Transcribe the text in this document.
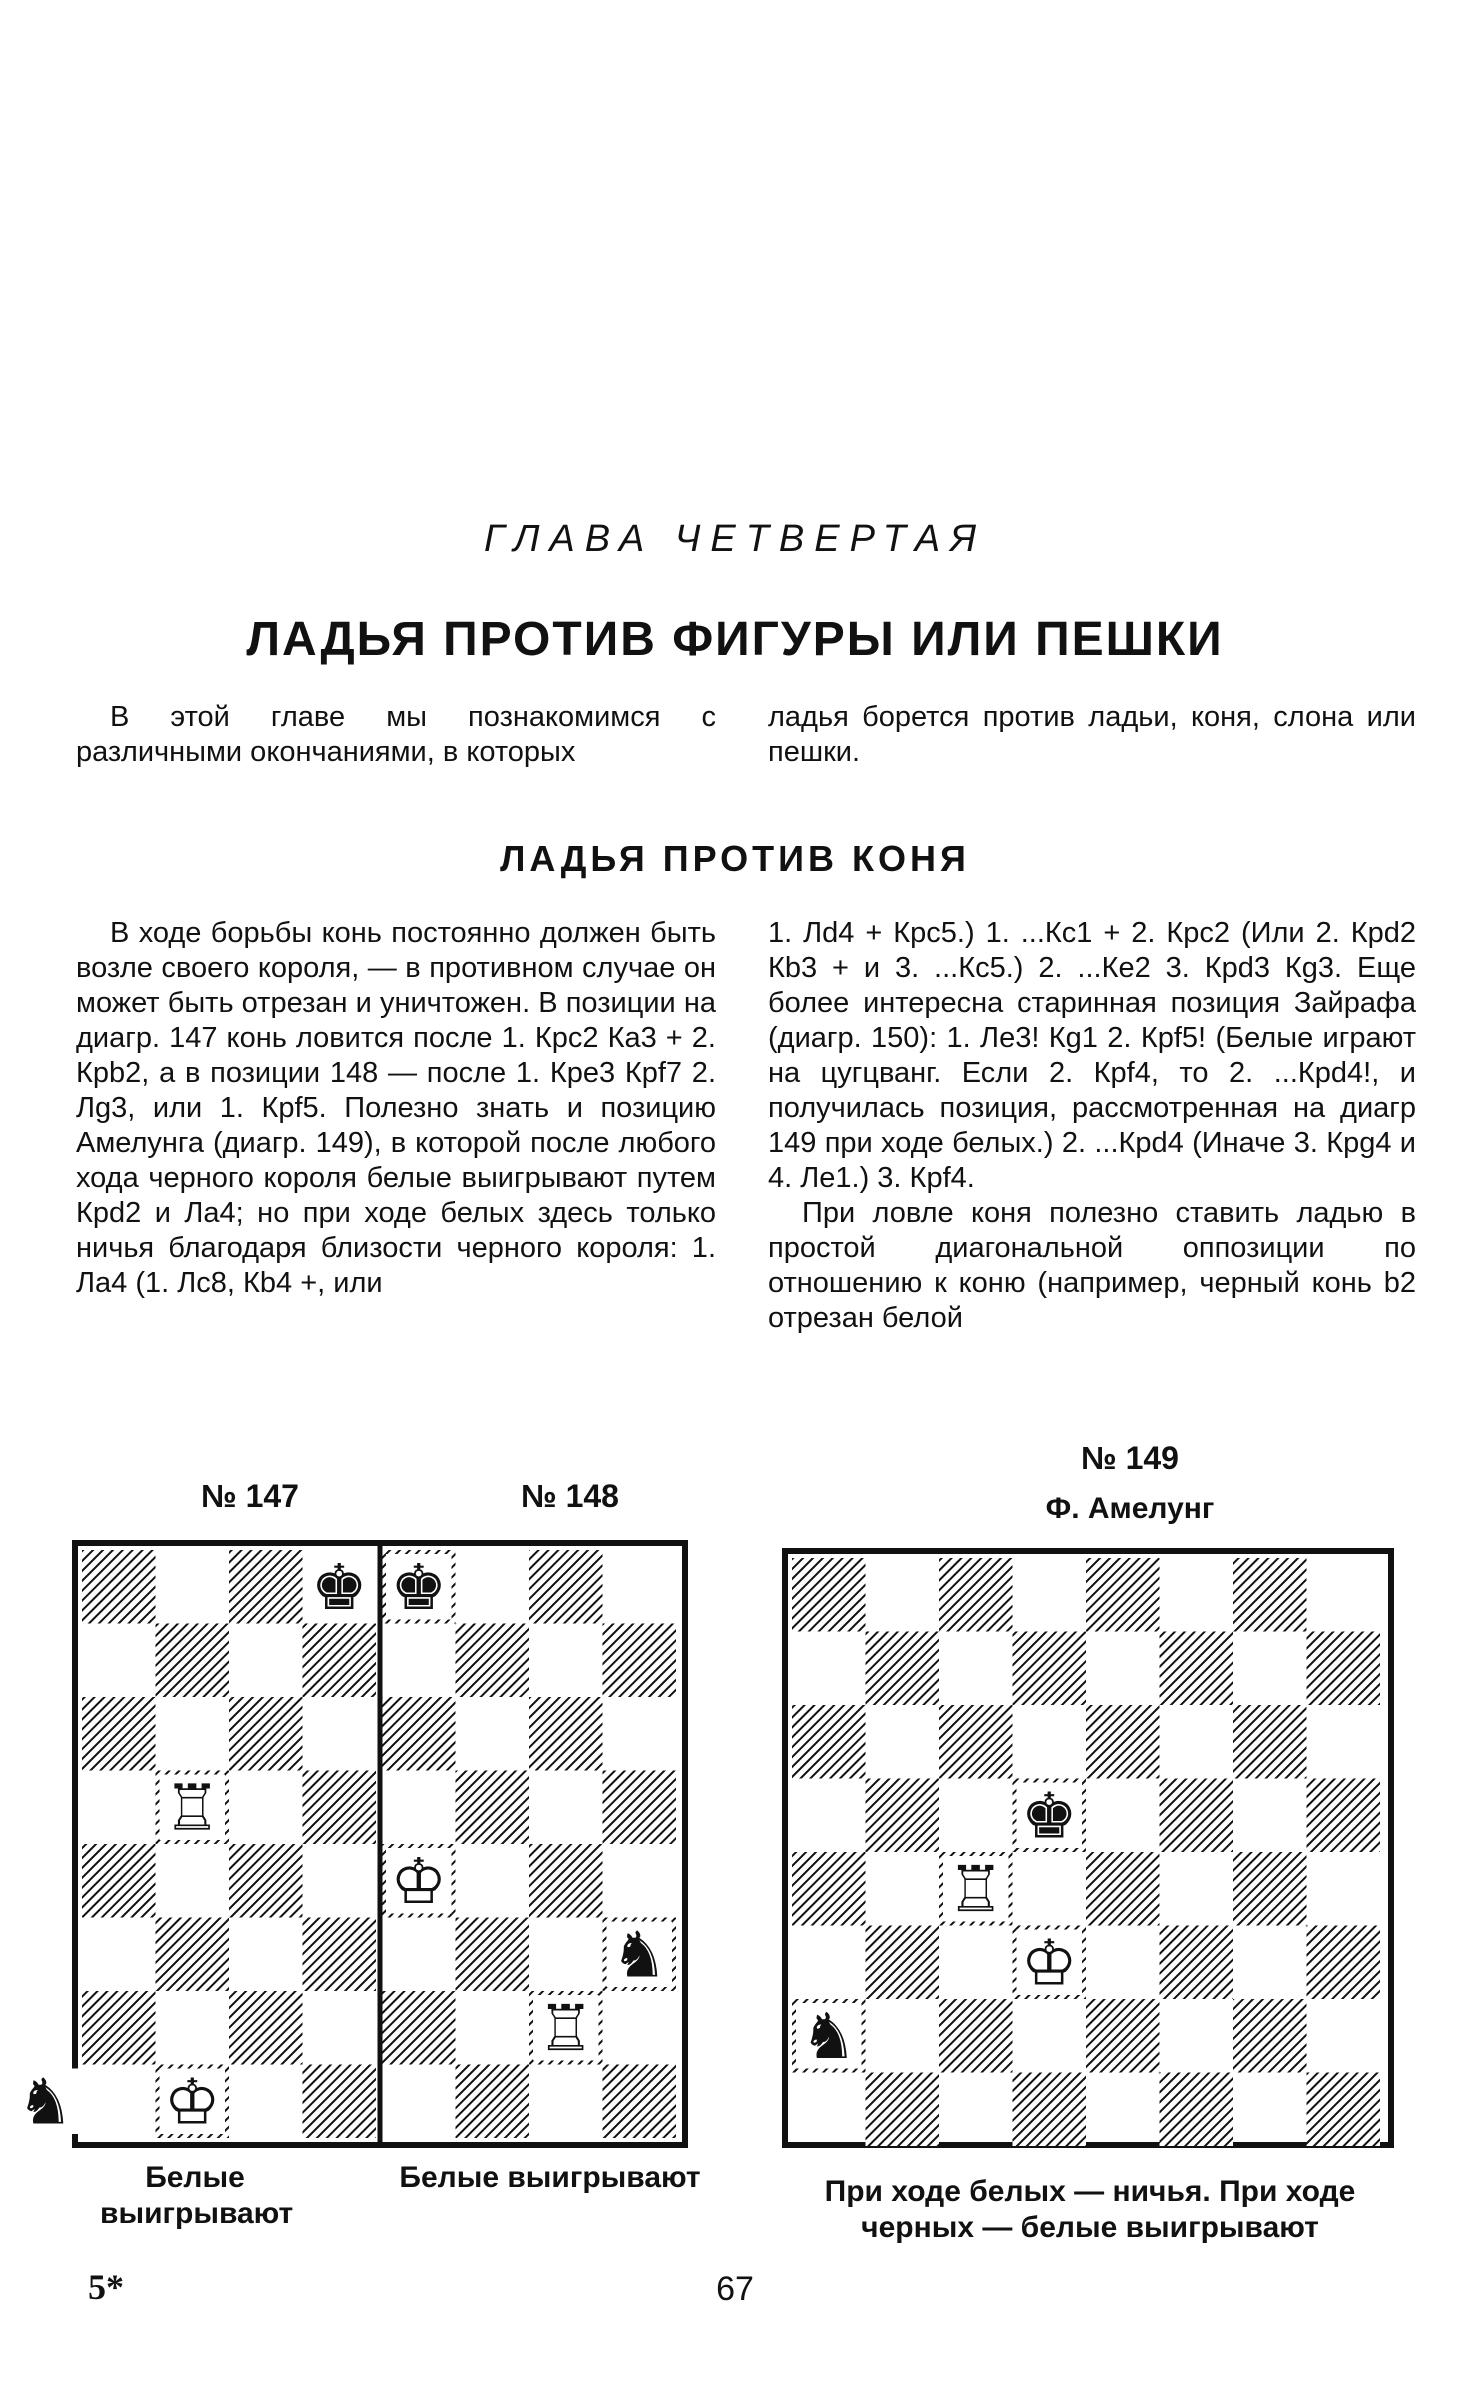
ГЛАВА ЧЕТВЕРТАЯ
ЛАДЬЯ ПРОТИВ ФИГУРЫ ИЛИ ПЕШКИ

В этой главе мы познакомимся с различными окончаниями, в которых

ладья борется против ладьи, коня, слона или пешки.

ЛАДЬЯ ПРОТИВ КОНЯ

В ходе борьбы конь постоянно должен быть возле своего короля, — в противном случае он может быть отрезан и уничтожен. В позиции на диагр. 147 конь ловится после 1. Крс2 Ка3 + 2. Крb2, а в позиции 148 — после 1. Кре3 Крf7 2. Лg3, или 1. Крf5. Полезно знать и позицию Амелунга (диагр. 149), в которой после любого хода черного короля белые выигрывают путем Крd2 и Ла4; но при ходе белых здесь только ничья благодаря близости черного короля: 1. Ла4 (1. Лс8, Кb4 +, или

1. Лd4 + Крс5.) 1. ...Кс1 + 2. Крс2 (Или 2. Крd2 Кb3 + и 3. ...Кс5.) 2. ...Ке2 3. Крd3 Кg3. Еще более интересна старинная позиция Зайрафа (диагр. 150): 1. Ле3! Кg1 2. Крf5! (Белые играют на цугцванг. Если 2. Крf4, то 2. ...Крd4!, и получилась позиция, рассмотренная на диагр 149 при ходе белых.) 2. ...Крd4 (Иначе 3. Крg4 и 4. Ле1.) 3. Крf4.

При ловле коня полезно ставить ладью в простой диагональной оппозиции по отношению к коню (например, черный конь b2 отрезан белой

№ 147	№ 148
№ 149
Ф. Амелунг
♚
♖
♞ ♔
♚
♔
♞
♖
Белые выигрывают
Белые выигрывают
♚
♖
♔
♞
При ходе белых — ничья. При ходе черных — белые выигрывают
5*	67
